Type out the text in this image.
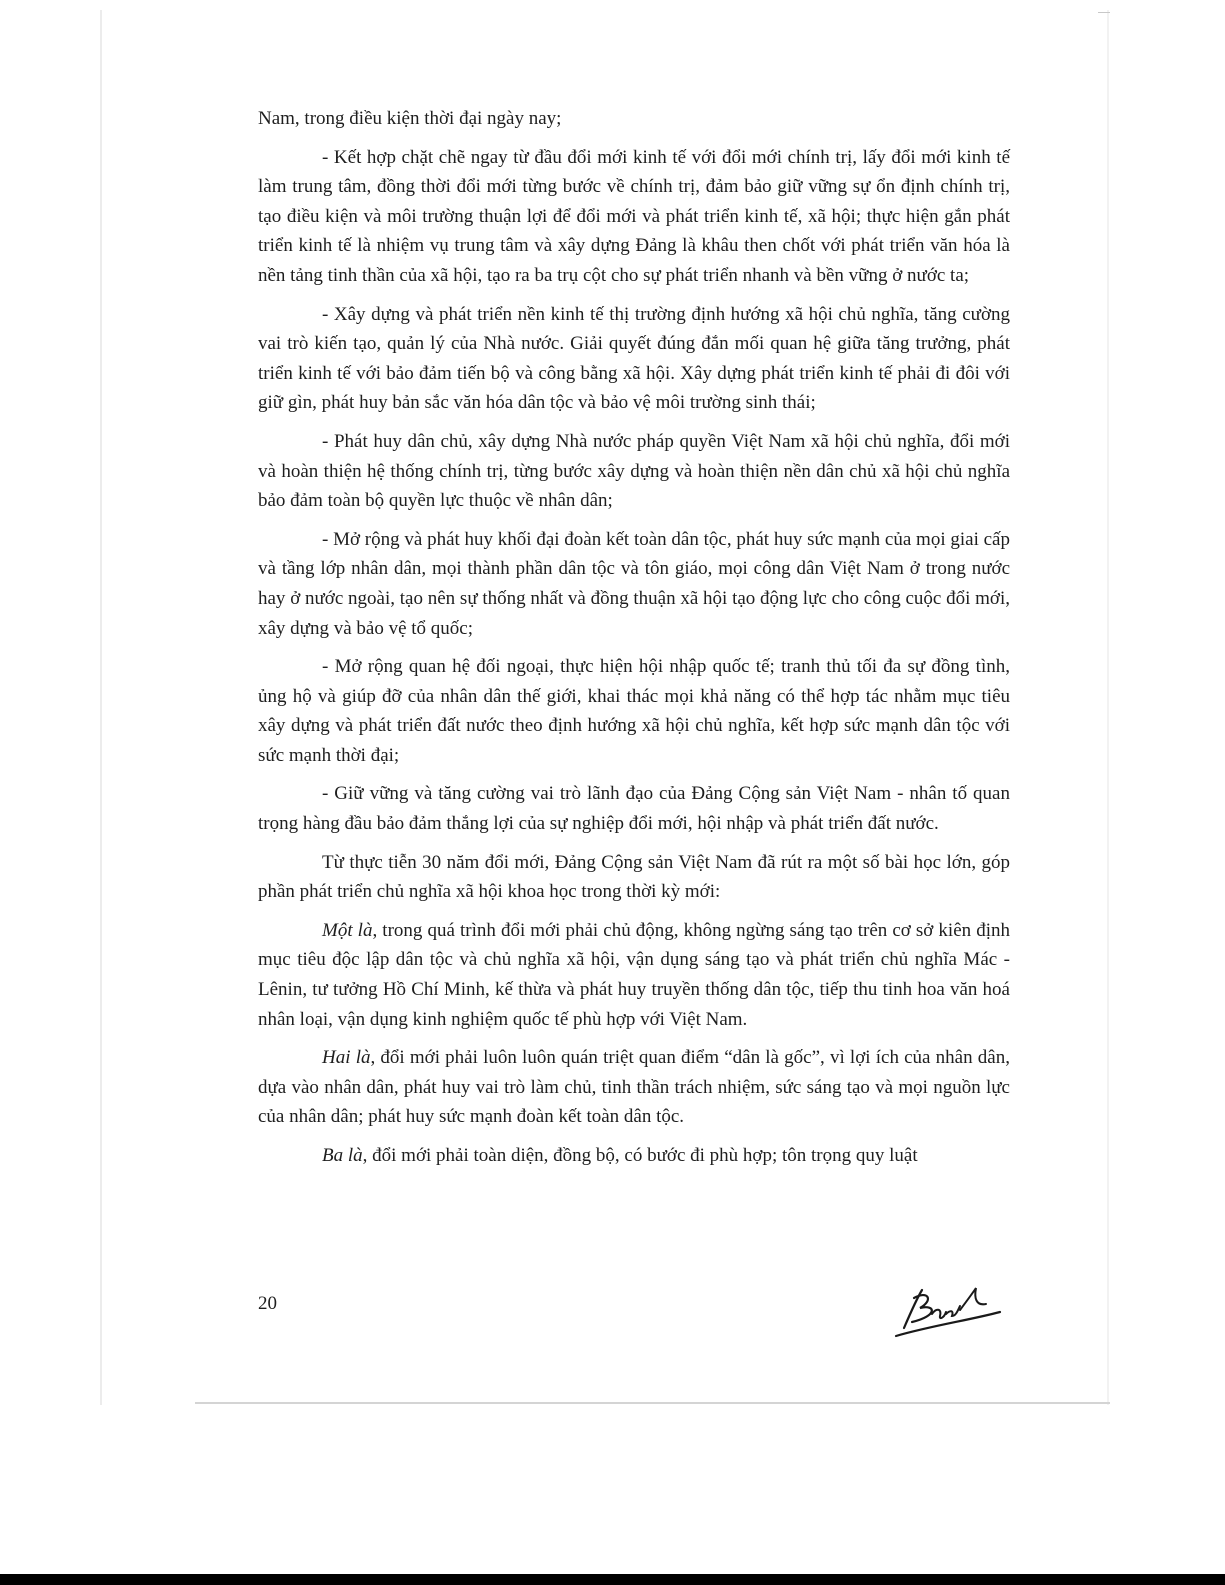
Nam, trong điều kiện thời đại ngày nay;

- Kết hợp chặt chẽ ngay từ đầu đổi mới kinh tế với đổi mới chính trị, lấy đổi mới kinh tế làm trung tâm, đồng thời đổi mới từng bước về chính trị, đảm bảo giữ vững sự ổn định chính trị, tạo điều kiện và môi trường thuận lợi để đổi mới và phát triển kinh tế, xã hội; thực hiện gắn phát triển kinh tế là nhiệm vụ trung tâm và xây dựng Đảng là khâu then chốt với phát triển văn hóa là nền tảng tinh thần của xã hội, tạo ra ba trụ cột cho sự phát triển nhanh và bền vững ở nước ta;

- Xây dựng và phát triển nền kinh tế thị trường định hướng xã hội chủ nghĩa, tăng cường vai trò kiến tạo, quản lý của Nhà nước. Giải quyết đúng đắn mối quan hệ giữa tăng trưởng, phát triển kinh tế với bảo đảm tiến bộ và công bằng xã hội. Xây dựng phát triển kinh tế phải đi đôi với giữ gìn, phát huy bản sắc văn hóa dân tộc và bảo vệ môi trường sinh thái;

- Phát huy dân chủ, xây dựng Nhà nước pháp quyền Việt Nam xã hội chủ nghĩa, đổi mới và hoàn thiện hệ thống chính trị, từng bước xây dựng và hoàn thiện nền dân chủ xã hội chủ nghĩa bảo đảm toàn bộ quyền lực thuộc về nhân dân;

- Mở rộng và phát huy khối đại đoàn kết toàn dân tộc, phát huy sức mạnh của mọi giai cấp và tầng lớp nhân dân, mọi thành phần dân tộc và tôn giáo, mọi công dân Việt Nam ở trong nước hay ở nước ngoài, tạo nên sự thống nhất và đồng thuận xã hội tạo động lực cho công cuộc đổi mới, xây dựng và bảo vệ tổ quốc;

- Mở rộng quan hệ đối ngoại, thực hiện hội nhập quốc tế; tranh thủ tối đa sự đồng tình, ủng hộ và giúp đỡ của nhân dân thế giới, khai thác mọi khả năng có thể hợp tác nhằm mục tiêu xây dựng và phát triển đất nước theo định hướng xã hội chủ nghĩa, kết hợp sức mạnh dân tộc với sức mạnh thời đại;

- Giữ vững và tăng cường vai trò lãnh đạo của Đảng Cộng sản Việt Nam - nhân tố quan trọng hàng đầu bảo đảm thắng lợi của sự nghiệp đổi mới, hội nhập và phát triển đất nước.

Từ thực tiễn 30 năm đổi mới, Đảng Cộng sản Việt Nam đã rút ra một số bài học lớn, góp phần phát triển chủ nghĩa xã hội khoa học trong thời kỳ mới:

Một là, trong quá trình đổi mới phải chủ động, không ngừng sáng tạo trên cơ sở kiên định mục tiêu độc lập dân tộc và chủ nghĩa xã hội, vận dụng sáng tạo và phát triển chủ nghĩa Mác - Lênin, tư tưởng Hồ Chí Minh, kế thừa và phát huy truyền thống dân tộc, tiếp thu tinh hoa văn hoá nhân loại, vận dụng kinh nghiệm quốc tế phù hợp với Việt Nam.

Hai là, đổi mới phải luôn luôn quán triệt quan điểm “dân là gốc”, vì lợi ích của nhân dân, dựa vào nhân dân, phát huy vai trò làm chủ, tinh thần trách nhiệm, sức sáng tạo và mọi nguồn lực của nhân dân; phát huy sức mạnh đoàn kết toàn dân tộc.

Ba là, đổi mới phải toàn diện, đồng bộ, có bước đi phù hợp; tôn trọng quy luật

20
